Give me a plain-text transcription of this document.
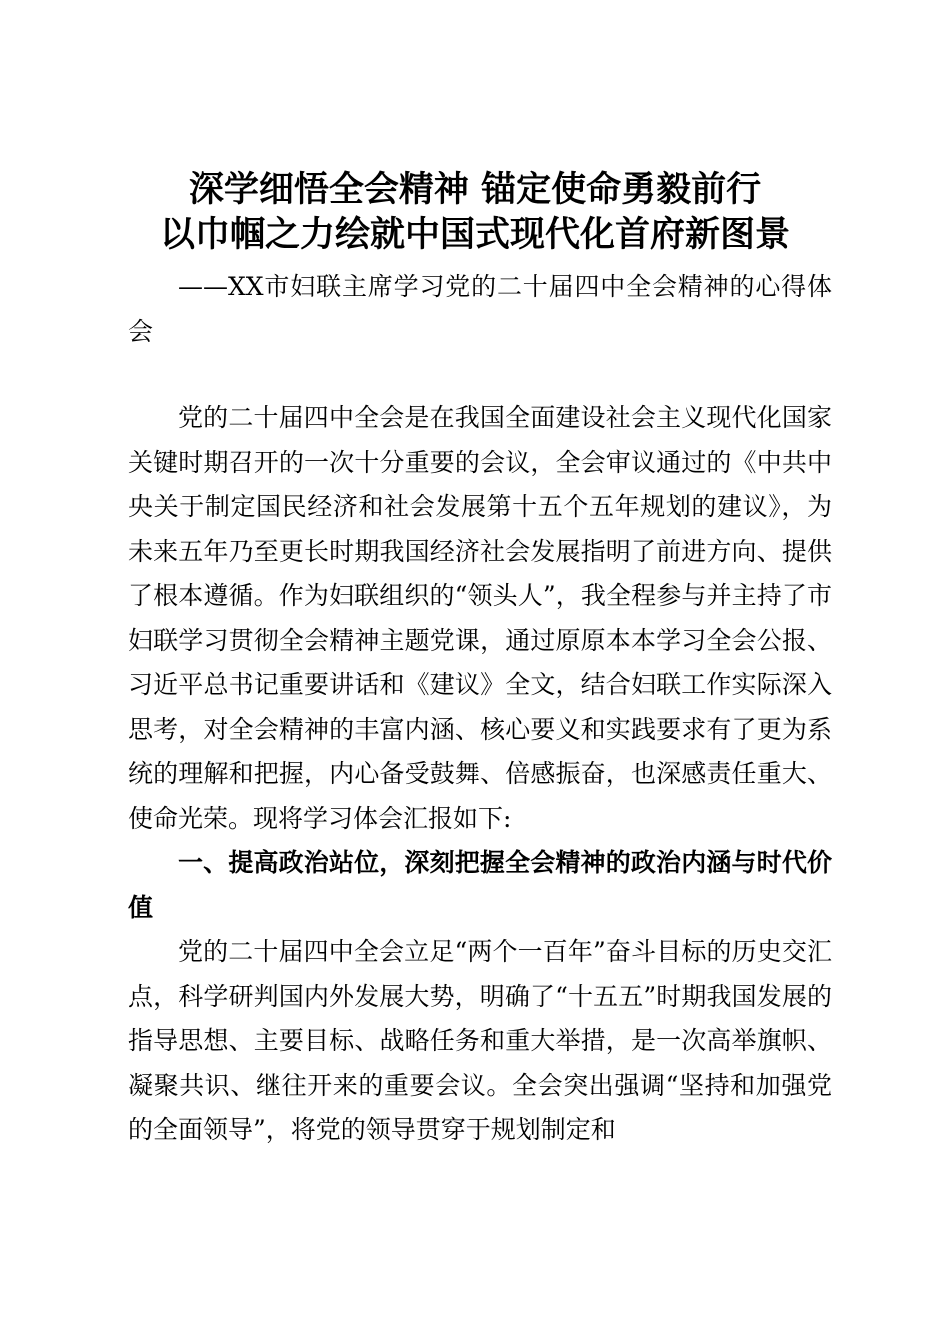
深学细悟全会精神 锚定使命勇毅前行
以巾帼之力绘就中国式现代化首府新图景

——XX市妇联主席学习党的二十届四中全会精神的心得体会

党的二十届四中全会是在我国全面建设社会主义现代化国家关键时期召开的一次十分重要的会议，全会审议通过的《中共中央关于制定国民经济和社会发展第十五个五年规划的建议》，为未来五年乃至更长时期我国经济社会发展指明了前进方向、提供了根本遵循。作为妇联组织的“领头人”，我全程参与并主持了市妇联学习贯彻全会精神主题党课，通过原原本本学习全会公报、习近平总书记重要讲话和《建议》全文，结合妇联工作实际深入思考，对全会精神的丰富内涵、核心要义和实践要求有了更为系统的理解和把握，内心备受鼓舞、倍感振奋，也深感责任重大、使命光荣。现将学习体会汇报如下:

一、提高政治站位，深刻把握全会精神的政治内涵与时代价值

党的二十届四中全会立足“两个一百年”奋斗目标的历史交汇点，科学研判国内外发展大势，明确了“十五五”时期我国发展的指导思想、主要目标、战略任务和重大举措，是一次高举旗帜、凝聚共识、继往开来的重要会议。全会突出强调“坚持和加强党的全面领导”，将党的领导贯穿于规划制定和
